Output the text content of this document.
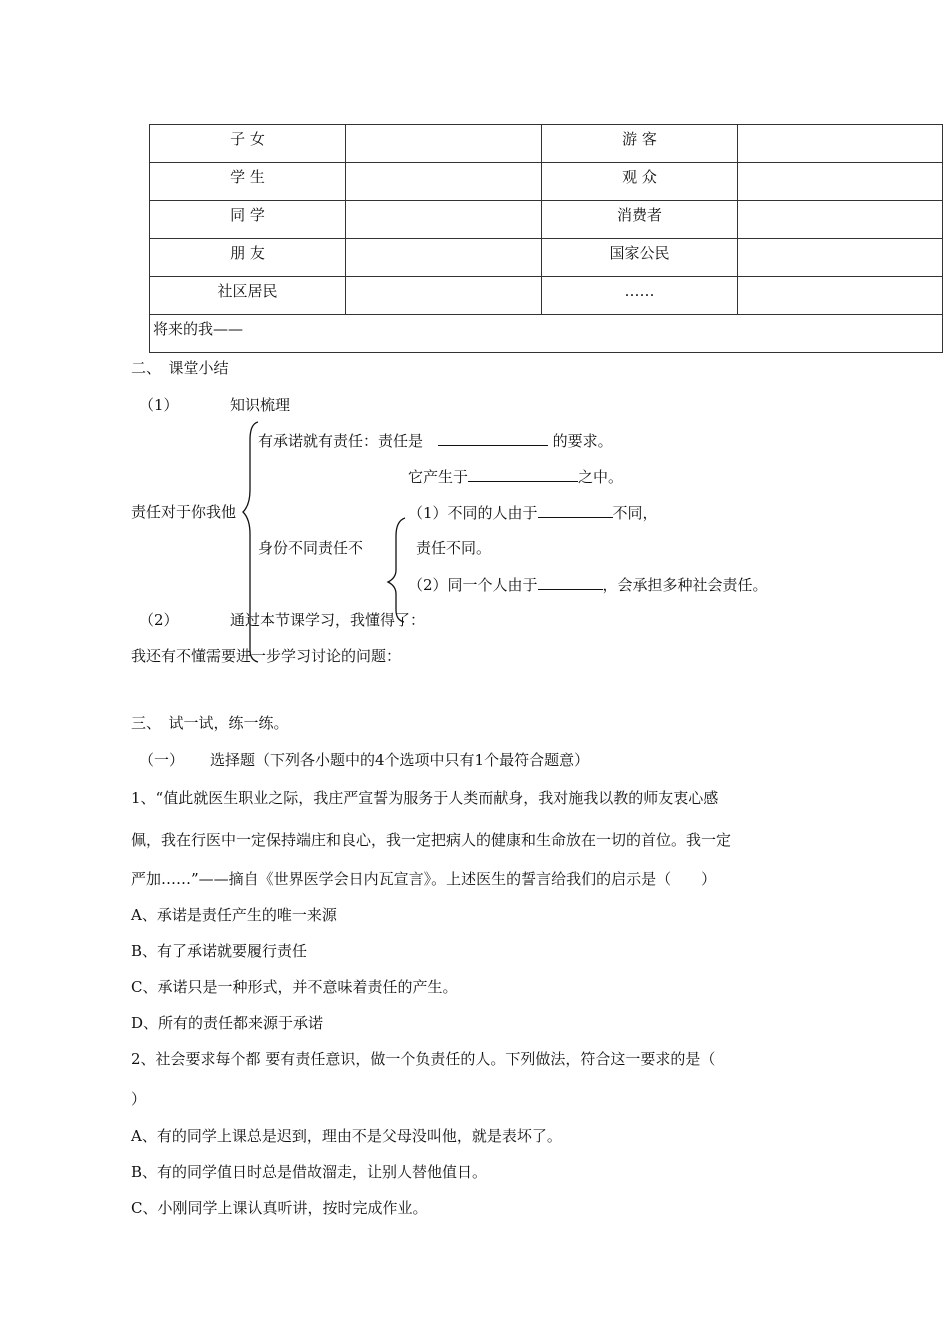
子 女		游 客	
学 生		观 众	
同 学		消费者	
朋 友		国家公民	
社区居民		……	
将来的我——			
二、　课堂小结
（1）	知识梳理
有承诺就有责任：责任是	的要求。
它产生于	之中。
责任对于你我他	（1）不同的人由于	不同，
身份不同责任不	责任不同。
（2）同一个人由于	，会承担多种社会责任。
（2）	通过本节课学习，我懂得了：
我还有不懂需要进一步学习讨论的问题：
三、　试一试，练一练。
（一） 选择题（下列各小题中的4个选项中只有1个最符合题意）
1、“值此就医生职业之际，我庄严宣誓为服务于人类而献身，我对施我以教的师友衷心感
佩，我在行医中一定保持端庄和良心，我一定把病人的健康和生命放在一切的首位。我一定
严加……”——摘自《世界医学会日内瓦宣言》。上述医生的誓言给我们的启示是（　　）
A、承诺是责任产生的唯一来源
B、有了承诺就要履行责任
C、承诺只是一种形式，并不意味着责任的产生。
D、所有的责任都来源于承诺
2、社会要求每个都 要有责任意识，做一个负责任的人。下列做法，符合这一要求的是（
）
A、有的同学上课总是迟到，理由不是父母没叫他，就是表坏了。
B、有的同学值日时总是借故溜走，让别人替他值日。
C、小刚同学上课认真听讲，按时完成作业。
